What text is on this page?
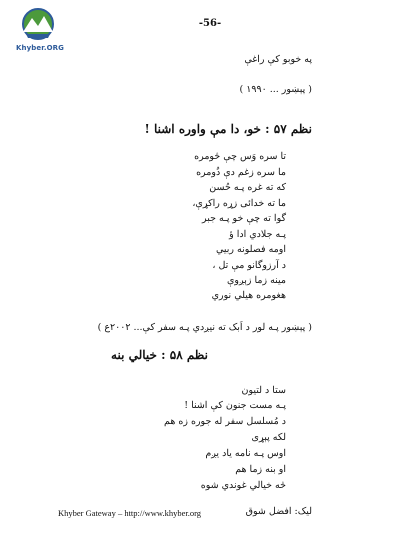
Khyber.ORG
-56-
په خوبو کې راغې
( پېښور ... ۱۹۹۰ )
نظم ۵۷ : خو، دا مې واوره اشنا !
تا سره وَس چې څومره
ما سره زغم دې ذُومره
که ته غره پـه حُسن
ما ته خدائی زړه راکړې،
گوا ته چې خو پـه جبر
پـه جلادي ادا ؤ
اومه فصلونه ربيي
د آرزوگانو مې تل ،
مینه زما زېږوې
هغومره هیلي نوري
( پېښور پـه لور د اَبک ته نيږدي پـه سفر کې... ۲۰۰۲ع )
نظم ۵۸ : خيالي بنه
ستا د لتيون
پـه مست جنون کې اشنا !
د مُسلسل سفر له جوره زه هم
لکه پېړی
اوس پـه نامه ياد يږم
او بنه زما هم
څه خيالي غوندي شوه
Khyber Gateway – http://www.khyber.org	ليک: افضل شوق
